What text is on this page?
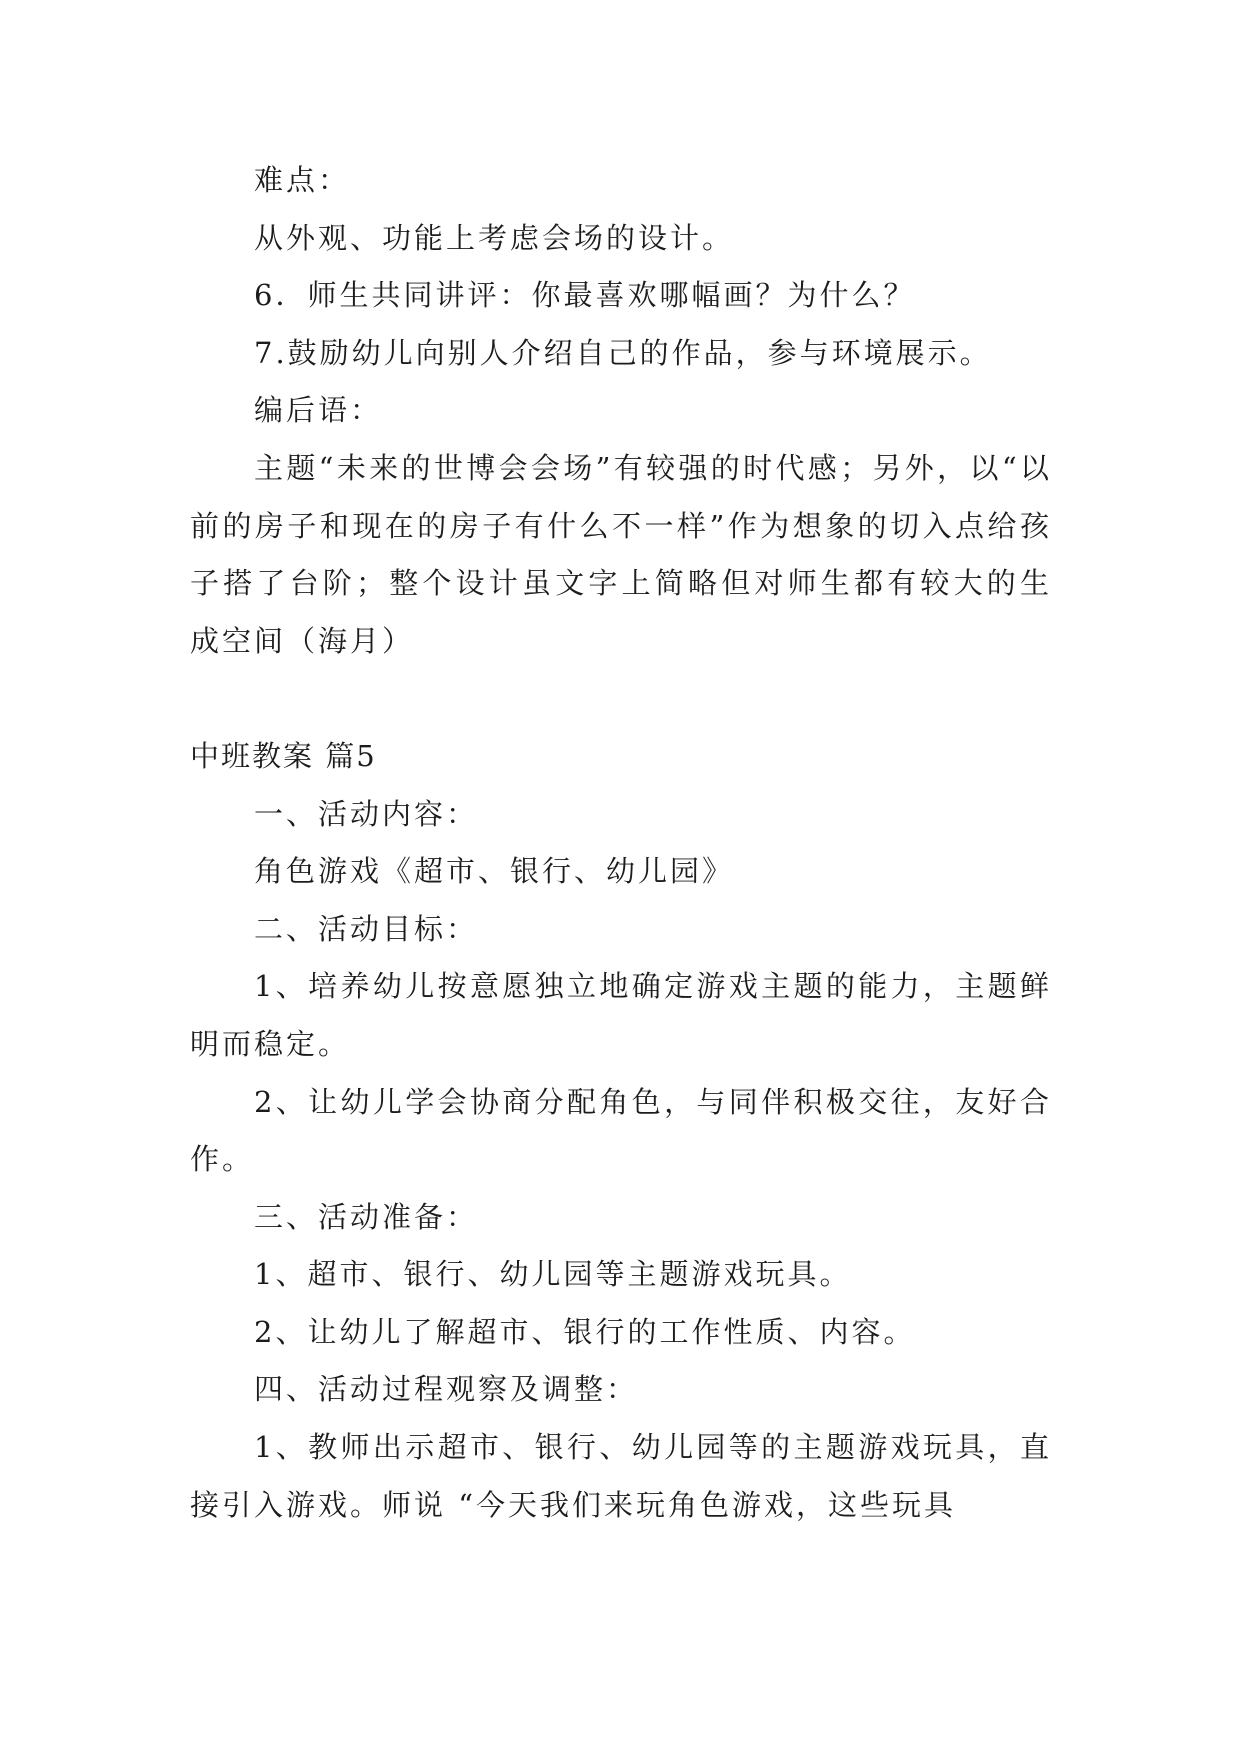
难点：

从外观、功能上考虑会场的设计。

6．师生共同讲评：你最喜欢哪幅画？为什么？

7.鼓励幼儿向别人介绍自己的作品，参与环境展示。

编后语：

主题“未来的世博会会场”有较强的时代感；另外，以“以前的房子和现在的房子有什么不一样”作为想象的切入点给孩子搭了台阶；整个设计虽文字上简略但对师生都有较大的生成空间（海月）

中班教案 篇5

一、活动内容：

角色游戏《超市、银行、幼儿园》

二、活动目标：

1、培养幼儿按意愿独立地确定游戏主题的能力，主题鲜明而稳定。

2、让幼儿学会协商分配角色，与同伴积极交往，友好合作。

三、活动准备：

1、超市、银行、幼儿园等主题游戏玩具。

2、让幼儿了解超市、银行的工作性质、内容。

四、活动过程观察及调整：

1、教师出示超市、银行、幼儿园等的主题游戏玩具，直接引入游戏。师说 “今天我们来玩角色游戏，这些玩具
